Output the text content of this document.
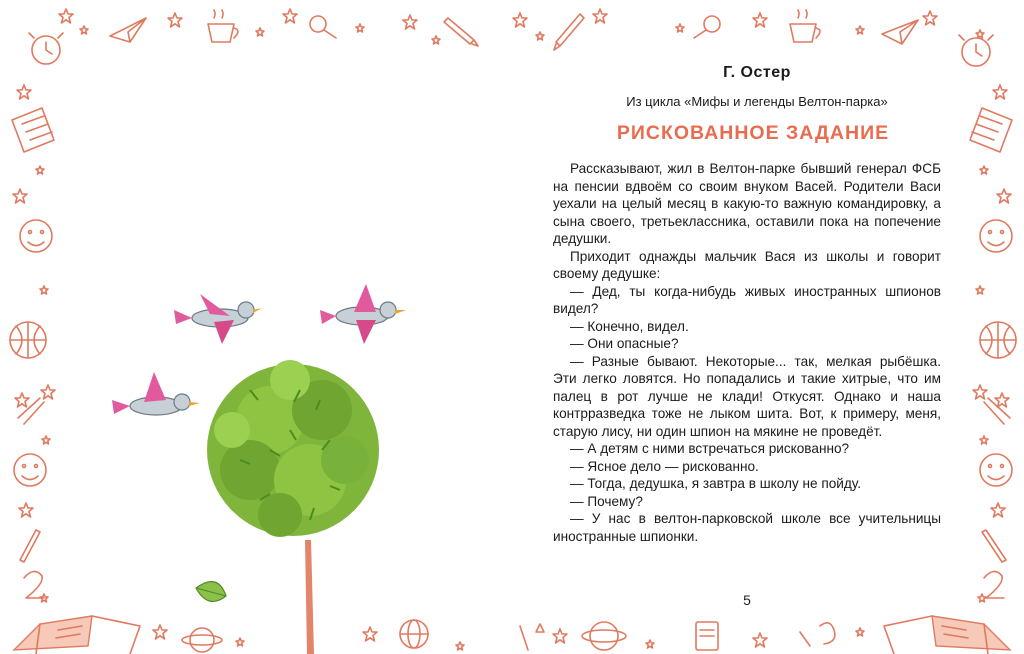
Г. Остер
Из цикла «Мифы и легенды Велтон-парка»
РИСКОВАННОЕ ЗАДАНИЕ

Рассказывают, жил в Велтон-парке бывший генерал ФСБ на пенсии вдвоём со своим внуком Васей. Родители Васи уехали на целый месяц в какую-то важную командировку, а сына своего, третьеклассника, оставили пока на попечение дедушки.

Приходит однажды мальчик Вася из школы и говорит своему дедушке:

— Дед, ты когда-нибудь живых иностранных шпионов видел?

— Конечно, видел.

— Они опасные?

— Разные бывают. Некоторые... так, мелкая рыбёшка. Эти легко ловятся. Но попадались и такие хитрые, что им палец в рот лучше не клади! Откусят. Однако и наша контрразведка тоже не лыком шита. Вот, к примеру, меня, старую лису, ни один шпион на мякине не проведёт.

— А детям с ними встречаться рискованно?

— Ясное дело — рискованно.

— Тогда, дедушка, я завтра в школу не пойду.

— Почему?

— У нас в велтон-парковской школе все учительницы иностранные шпионки.

5
